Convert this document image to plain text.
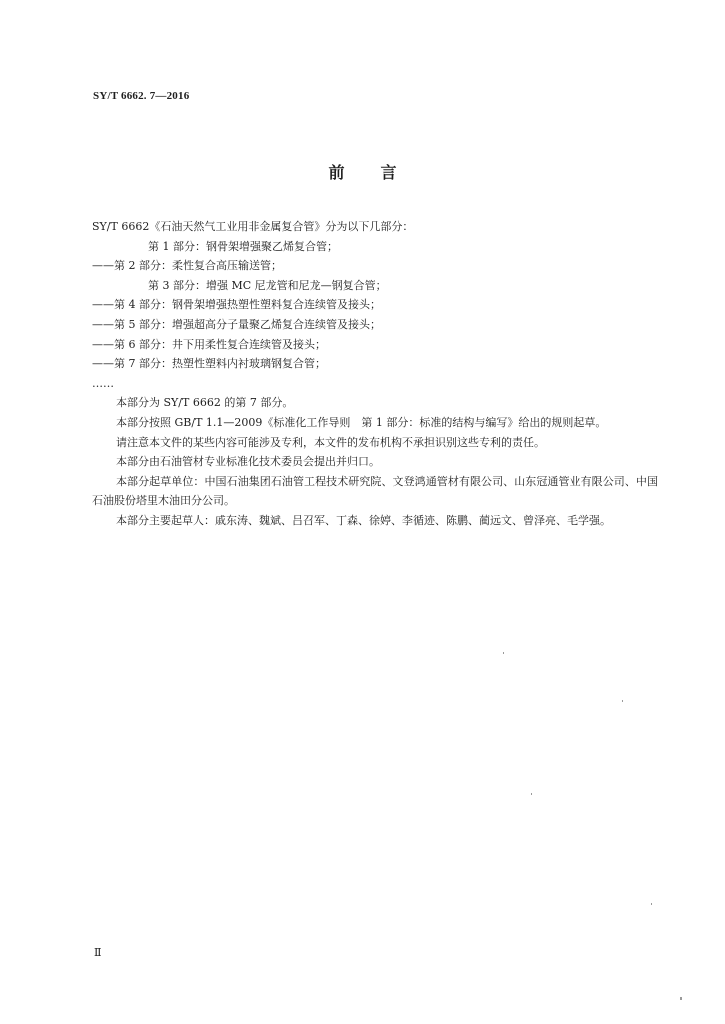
SY/T 6662. 7—2016
前言

SY/T 6662《石油天然气工业用非金属复合管》分为以下几部分：

第 1 部分：钢骨架增强聚乙烯复合管；

——第 2 部分：柔性复合高压输送管；

第 3 部分：增强 MC 尼龙管和尼龙—钢复合管；

——第 4 部分：钢骨架增强热塑性塑料复合连续管及接头；

——第 5 部分：增强超高分子量聚乙烯复合连续管及接头；

——第 6 部分：井下用柔性复合连续管及接头；

——第 7 部分：热塑性塑料内衬玻璃钢复合管；

……

本部分为 SY/T 6662 的第 7 部分。

本部分按照 GB/T 1.1—2009《标准化工作导则　第 1 部分：标准的结构与编写》给出的规则起草。

请注意本文件的某些内容可能涉及专利，本文件的发布机构不承担识别这些专利的责任。

本部分由石油管材专业标准化技术委员会提出并归口。

本部分起草单位：中国石油集团石油管工程技术研究院、文登鸿通管材有限公司、山东冠通管业有限公司、中国石油股份塔里木油田分公司。

本部分主要起草人：戚东涛、魏斌、吕召军、丁森、徐婷、李循迹、陈鹏、蔺远文、曾泽亮、毛学强。

Ⅱ
